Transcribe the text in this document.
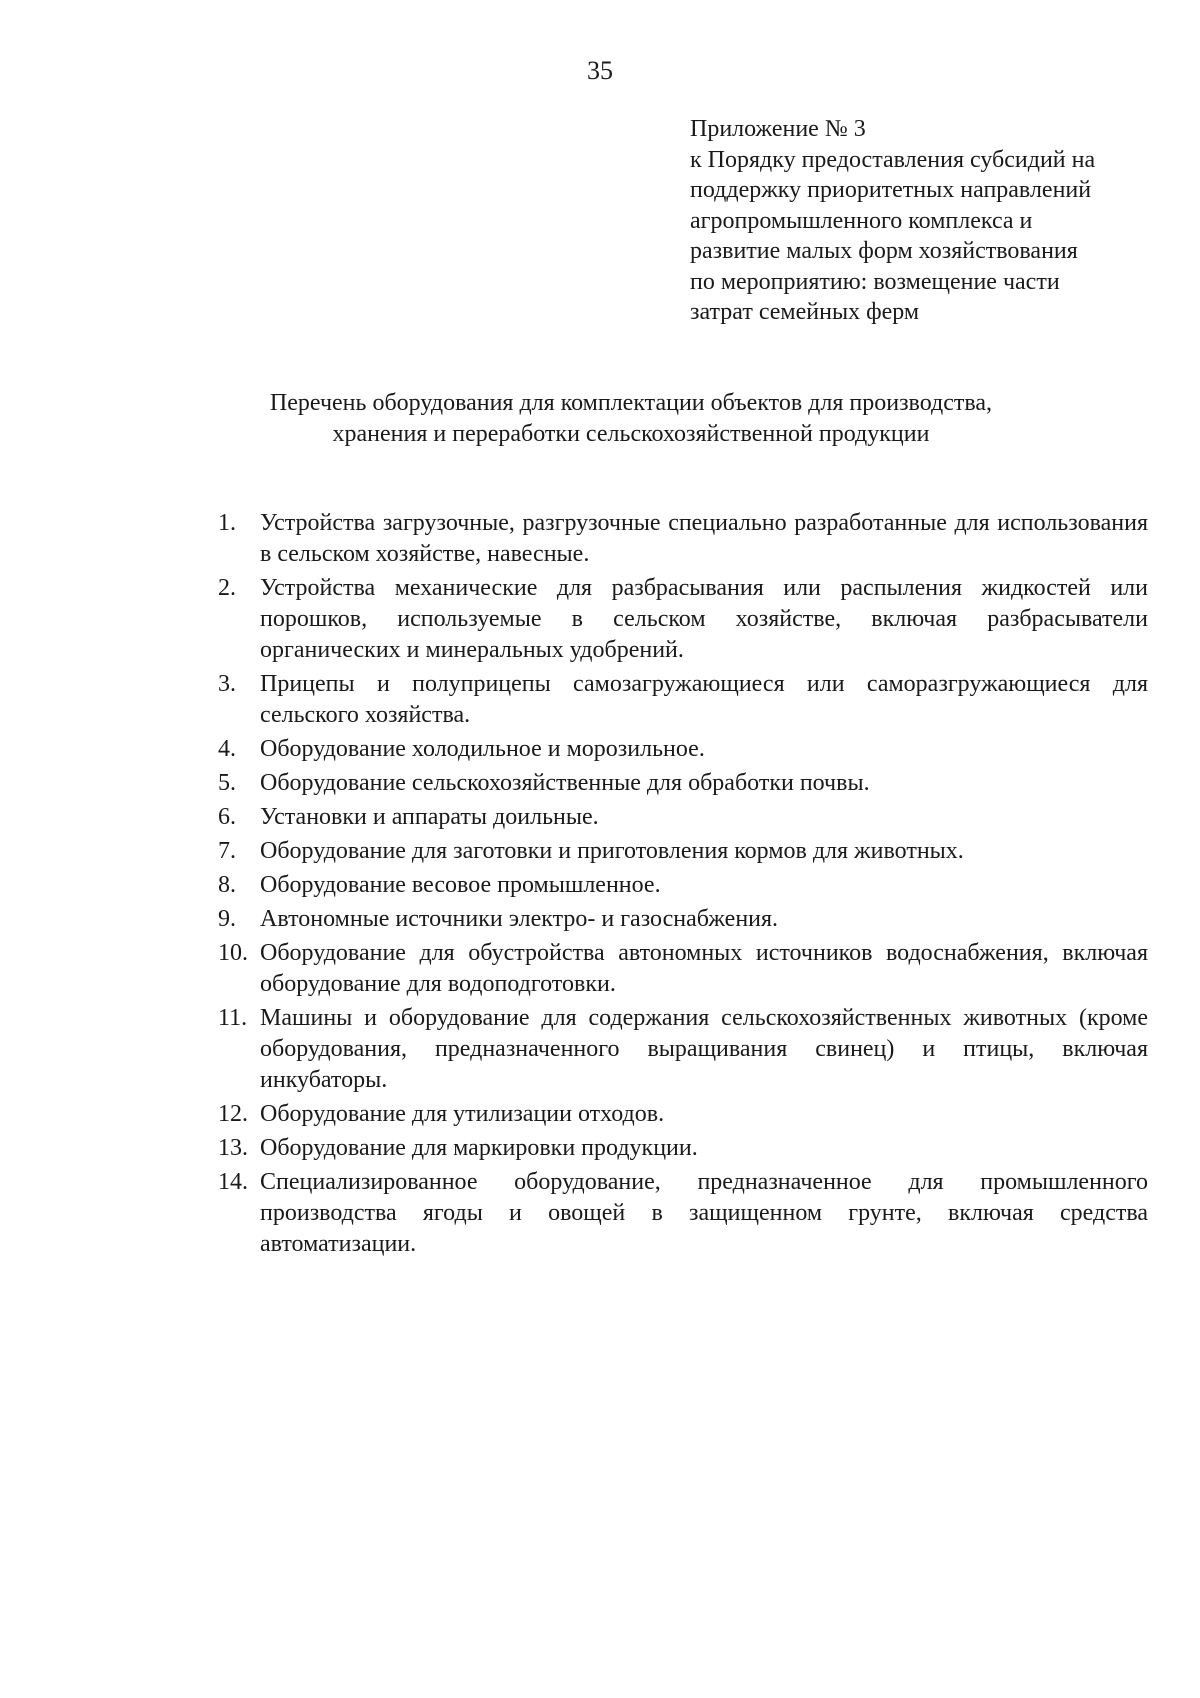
35
Приложение № 3
к Порядку предоставления субсидий на
поддержку приоритетных направлений
агропромышленного комплекса и
развитие малых форм хозяйствования
по мероприятию: возмещение части
затрат семейных ферм
Перечень оборудования для комплектации объектов для производства,
хранения и переработки сельскохозяйственной продукции
1.	Устройства загрузочные, разгрузочные специально разработанные для использования в сельском хозяйстве, навесные.
2.	Устройства механические для разбрасывания или распыления жидкостей или порошков, используемые в сельском хозяйстве, включая разбрасыватели органических и минеральных удобрений.
3.	Прицепы и полуприцепы самозагружающиеся или саморазгружающиеся для сельского хозяйства.
4.	Оборудование холодильное и морозильное.
5.	Оборудование сельскохозяйственные для обработки почвы.
6.	Установки и аппараты доильные.
7.	Оборудование для заготовки и приготовления кормов для животных.
8.	Оборудование весовое промышленное.
9.	Автономные источники электро- и газоснабжения.
10. Оборудование для обустройства автономных источников водоснабжения, включая оборудование для водоподготовки.
11. Машины и оборудование для содержания сельскохозяйственных животных (кроме оборудования, предназначенного выращивания свинец) и птицы, включая инкубаторы.
12. Оборудование для утилизации отходов.
13. Оборудование для маркировки продукции.
14. Специализированное оборудование, предназначенное для промышленного производства ягоды и овощей в защищенном грунте, включая средства автоматизации.
